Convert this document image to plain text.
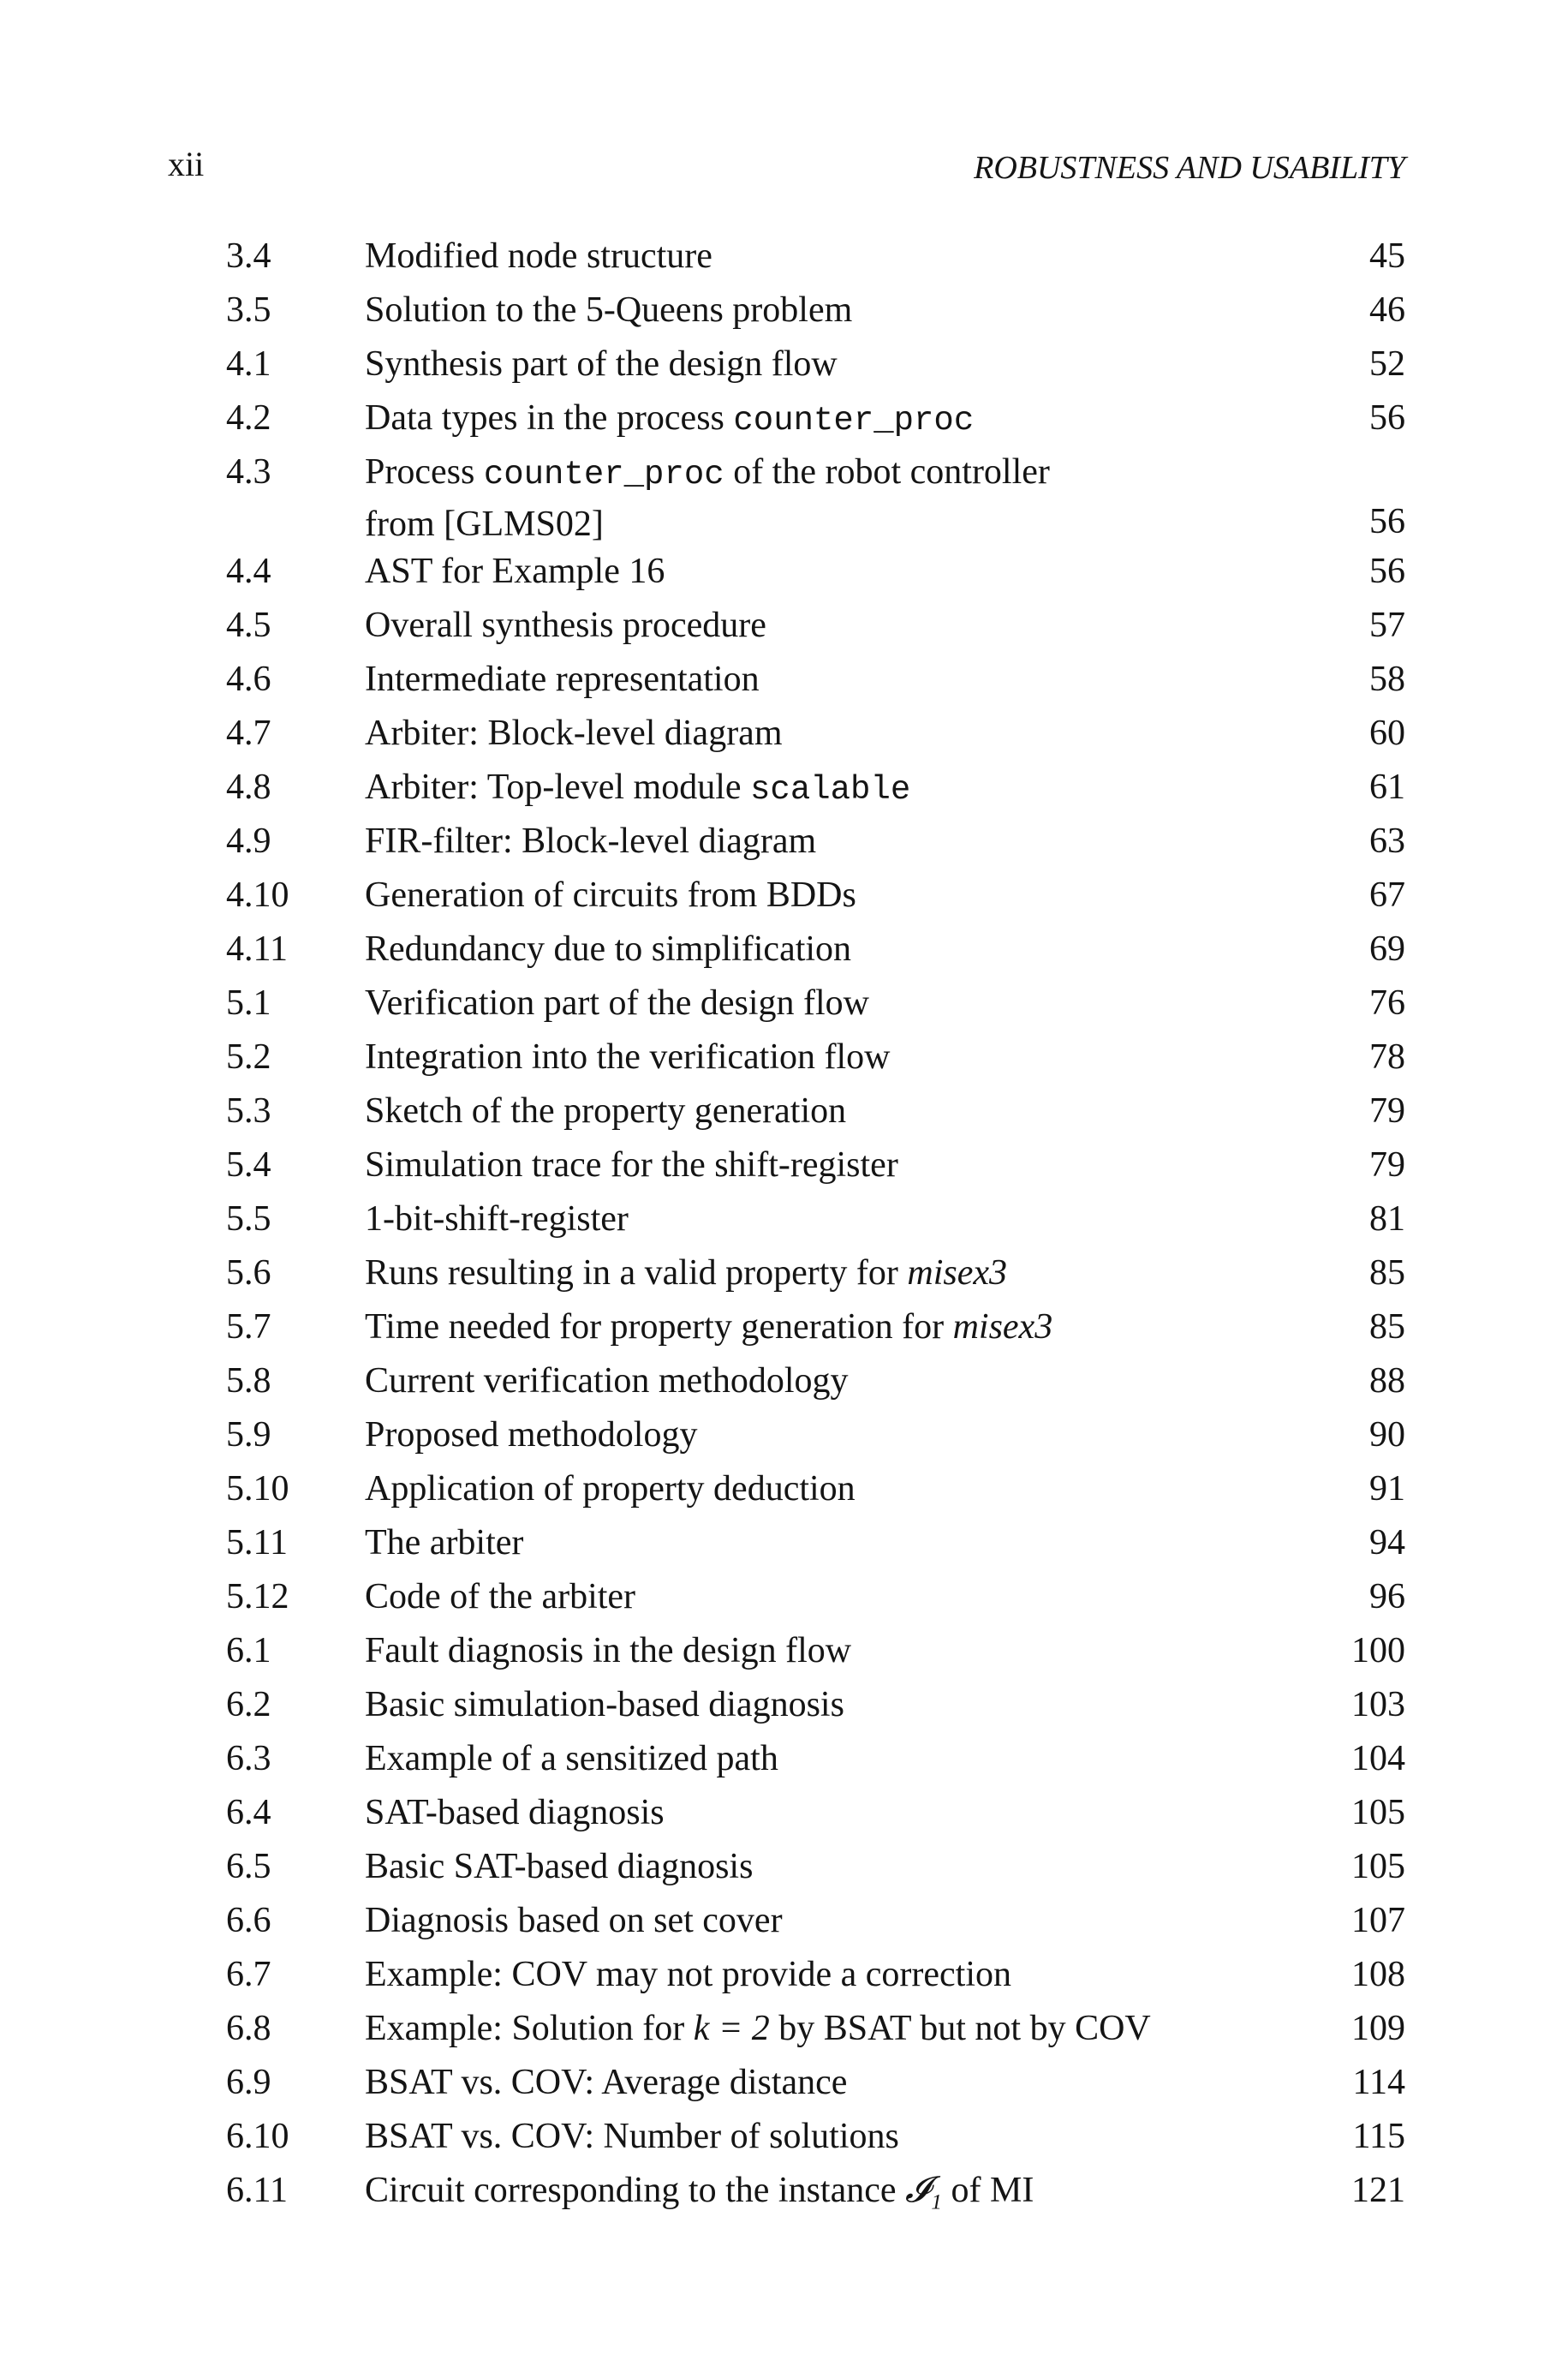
xii	ROBUSTNESS AND USABILITY
3.4	Modified node structure	45
3.5	Solution to the 5-Queens problem	46
4.1	Synthesis part of the design flow	52
4.2	Data types in the process counter_proc	56
4.3	Process counter_proc of the robot controller
from [GLMS02]	56
4.4	AST for Example 16	56
4.5	Overall synthesis procedure	57
4.6	Intermediate representation	58
4.7	Arbiter: Block-level diagram	60
4.8	Arbiter: Top-level module scalable	61
4.9	FIR-filter: Block-level diagram	63
4.10 Generation of circuits from BDDs	67
4.11 Redundancy due to simplification	69
5.1	Verification part of the design flow	76
5.2	Integration into the verification flow	78
5.3	Sketch of the property generation	79
5.4	Simulation trace for the shift-register	79
5.5	1-bit-shift-register	81
5.6	Runs resulting in a valid property for misex3	85
5.7	Time needed for property generation for misex3	85
5.8	Current verification methodology	88
5.9	Proposed methodology	90
5.10 Application of property deduction	91
5.11 The arbiter	94
5.12 Code of the arbiter	96
6.1	Fault diagnosis in the design flow	100
6.2	Basic simulation-based diagnosis	103
6.3	Example of a sensitized path	104
6.4	SAT-based diagnosis	105
6.5	Basic SAT-based diagnosis	105
6.6	Diagnosis based on set cover	107
6.7	Example: COV may not provide a correction	108
6.8	Example: Solution for k = 2 by BSAT but not by COV	109
6.9	BSAT vs. COV: Average distance	114
6.10 BSAT vs. COV: Number of solutions	115
6.11 Circuit corresponding to the instance 𝓘₁ of MI	121
